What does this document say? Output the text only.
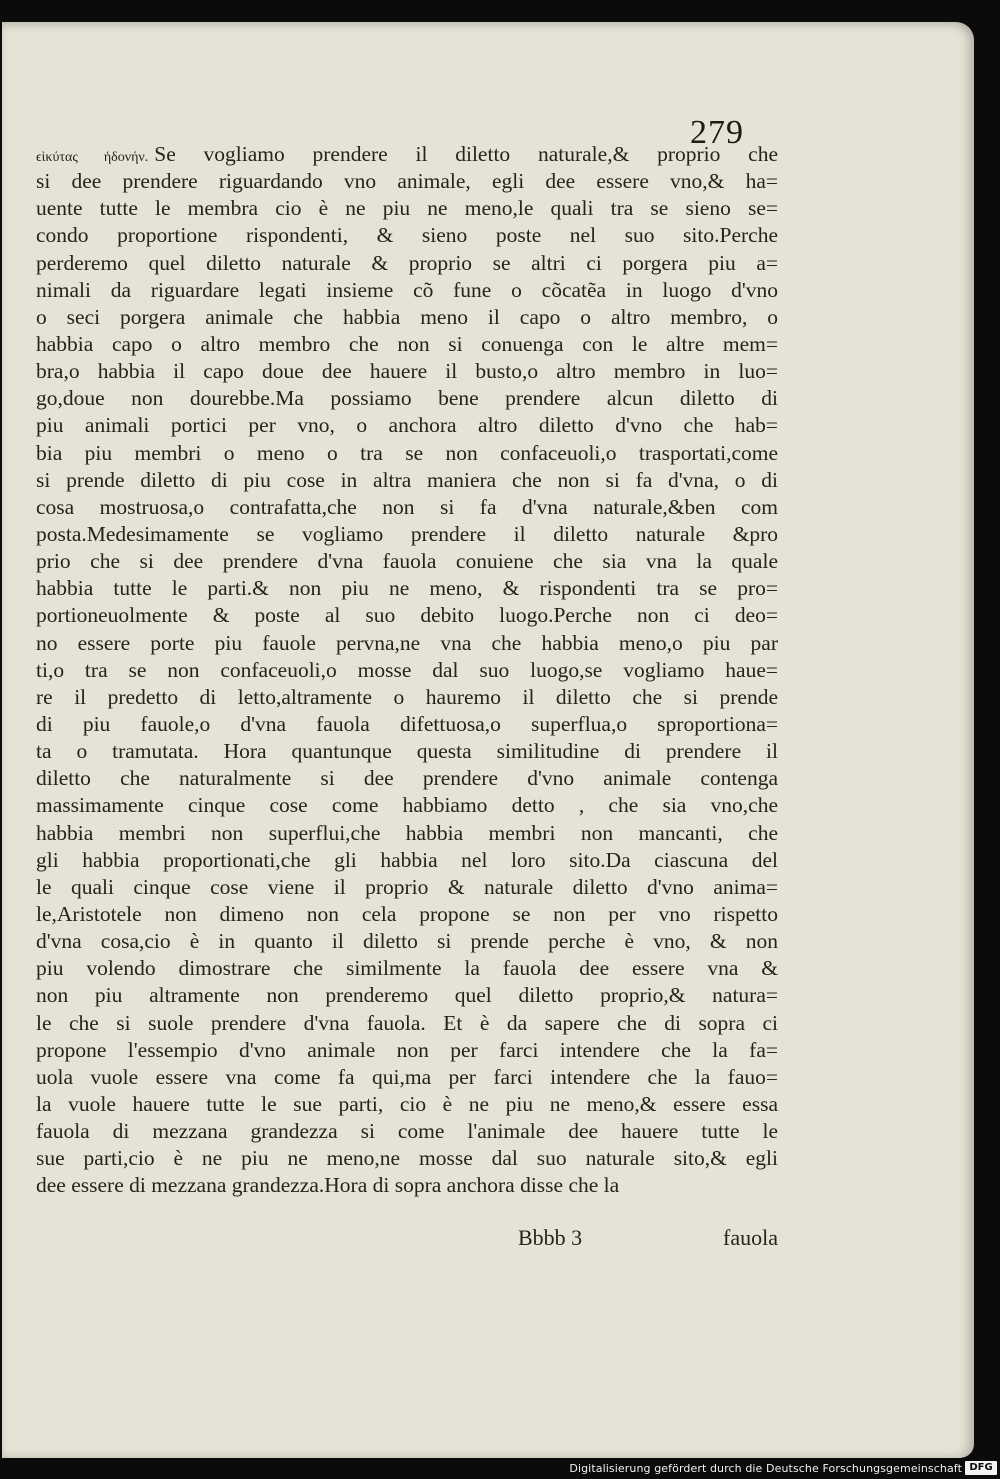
279
ϵὶκύτας ἡδονήν. Se vogliamo prendere il diletto naturale,& proprio che
si dee prendere riguardando vno animale, egli dee essere vno,& ha=
uente tutte le membra cio è ne piu ne meno,le quali tra se sieno se=
condo proportione rispondenti, & sieno poste nel suo sito.Perche
perderemo quel diletto naturale & proprio se altri ci porgera piu a=
nimali da riguardare legati insieme cõ fune o cõcatẽa in luogo d'vno
o seci porgera animale che habbia meno il capo o altro membro, o
habbia capo o altro membro che non si conuenga con le altre mem=
bra,o habbia il capo doue dee hauere il busto,o altro membro in luo=
go,doue non dourebbe.Ma possiamo bene prendere alcun diletto di
piu animali portici per vno, o anchora altro diletto d'vno che hab=
bia piu membri o meno o tra se non confaceuoli,o trasportati,come
si prende diletto di piu cose in altra maniera che non si fa d'vna, o di
cosa mostruosa,o contrafatta,che non si fa d'vna naturale,&ben com
posta.Medesimamente se vogliamo prendere il diletto naturale &pro
prio che si dee prendere d'vna fauola conuiene che sia vna la quale
habbia tutte le parti.& non piu ne meno, & rispondenti tra se pro=
portioneuolmente & poste al suo debito luogo.Perche non ci deo=
no essere porte piu fauole pervna,ne vna che habbia meno,o piu par
ti,o tra se non confaceuoli,o mosse dal suo luogo,se vogliamo haue=
re il predetto di letto,altramente o hauremo il diletto che si prende
di piu fauole,o d'vna fauola difettuosa,o superflua,o sproportiona=
ta o tramutata. Hora quantunque questa similitudine di prendere il
diletto che naturalmente si dee prendere d'vno animale contenga
massimamente cinque cose come habbiamo detto , che sia vno,che
habbia membri non superflui,che habbia membri non mancanti, che
gli habbia proportionati,che gli habbia nel loro sito.Da ciascuna del
le quali cinque cose viene il proprio & naturale diletto d'vno anima=
le,Aristotele non dimeno non cela propone se non per vno rispetto
d'vna cosa,cio è in quanto il diletto si prende perche è vno, & non
piu volendo dimostrare che similmente la fauola dee essere vna &
non piu altramente non prenderemo quel diletto proprio,& natura=
le che si suole prendere d'vna fauola. Et è da sapere che di sopra ci
propone l'essempio d'vno animale non per farci intendere che la fa=
uola vuole essere vna come fa qui,ma per farci intendere che la fauo=
la vuole hauere tutte le sue parti, cio è ne piu ne meno,& essere essa
fauola di mezzana grandezza si come l'animale dee hauere tutte le
sue parti,cio è ne piu ne meno,ne mosse dal suo naturale sito,& egli
dee essere di mezzana grandezza.Hora di sopra anchora disse che la
Bbbb 3	fauola
Digitalisierung gefördert durch die Deutsche Forschungsgemeinschaft DFG
